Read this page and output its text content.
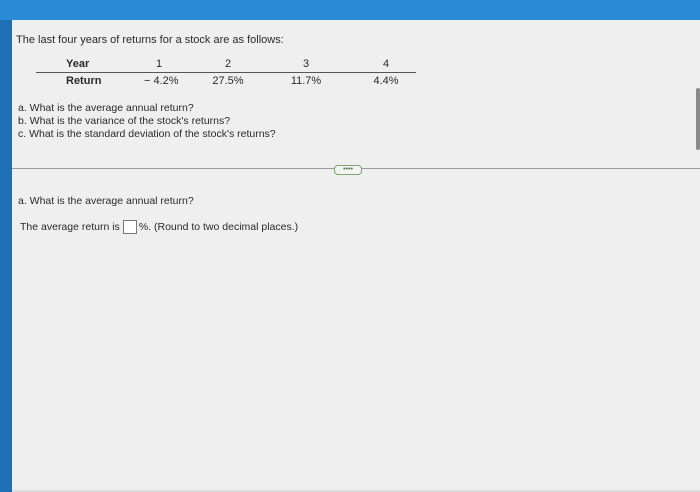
The last four years of returns for a stock are as follows:
Year	1	2	3	4
Return	− 4.2%	27.5%	11.7%	4.4%
a. What is the average annual return?
b. What is the variance of the stock's returns?
c. What is the standard deviation of the stock's returns?
••••
a. What is the average annual return?
The average return is %. (Round to two decimal places.)
